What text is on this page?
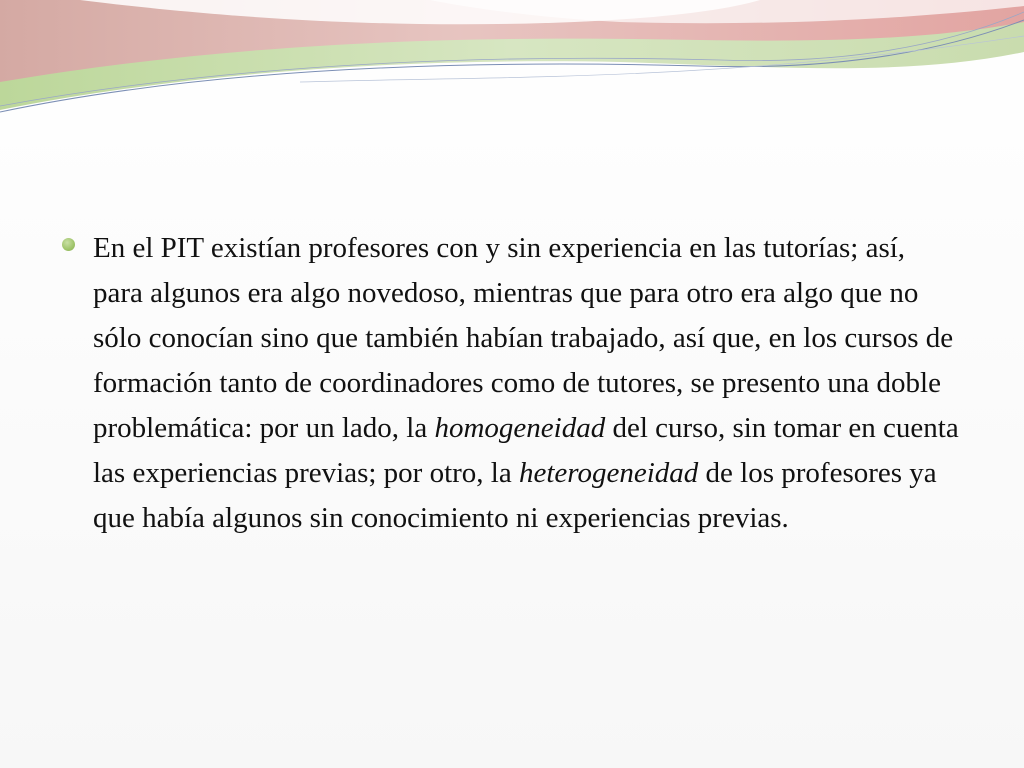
En el PIT existían profesores con y sin experiencia en las tutorías; así, para algunos era algo novedoso, mientras que para otro era algo que no sólo conocían sino que también habían trabajado, así que, en los cursos de formación tanto de coordinadores como de tutores, se presento una doble problemática: por un lado, la homogeneidad del curso, sin tomar en cuenta las experiencias previas; por otro, la heterogeneidad de los profesores ya que había algunos sin conocimiento ni experiencias previas.
